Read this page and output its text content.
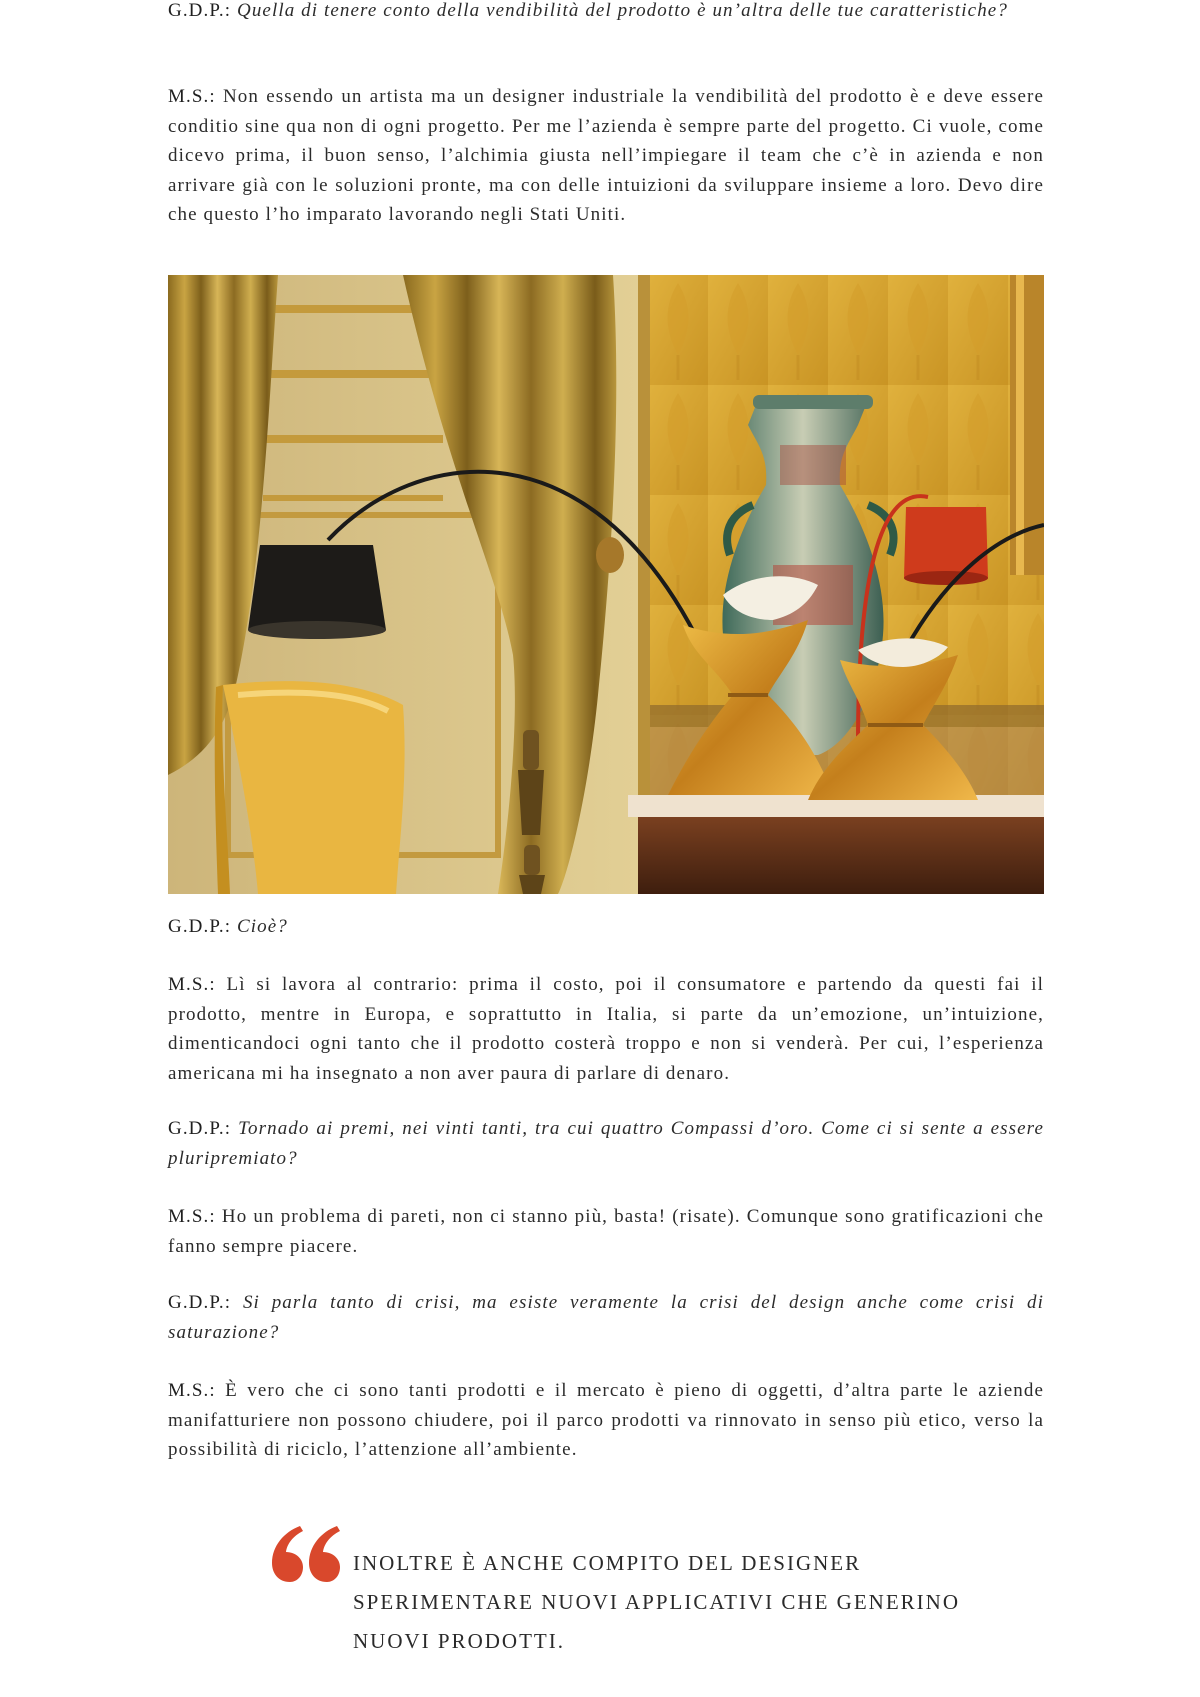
G.D.P.: Quella di tenere conto della vendibilità del prodotto è un’altra delle tue caratteristiche?

M.S.: Non essendo un artista ma un designer industriale la vendibilità del prodotto è e deve essere conditio sine qua non di ogni progetto. Per me l’azienda è sempre parte del progetto. Ci vuole, come dicevo prima, il buon senso, l’alchimia giusta nell’impiegare il team che c’è in azienda e non arrivare già con le soluzioni pronte, ma con delle intuizioni da sviluppare insieme a loro. Devo dire che questo l’ho imparato lavorando negli Stati Uniti.

G.D.P.: Cioè?

M.S.: Lì si lavora al contrario: prima il costo, poi il consumatore e partendo da questi fai il prodotto, mentre in Europa, e soprattutto in Italia, si parte da un’emozione, un’intuizione, dimenticandoci ogni tanto che il prodotto costerà troppo e non si venderà. Per cui, l’esperienza americana mi ha insegnato a non aver paura di parlare di denaro.

G.D.P.: Tornado ai premi, nei vinti tanti, tra cui quattro Compassi d’oro. Come ci si sente a essere pluripremiato?

M.S.: Ho un problema di pareti, non ci stanno più, basta! (risate). Comunque sono gratificazioni che fanno sempre piacere.

G.D.P.: Si parla tanto di crisi, ma esiste veramente la crisi del design anche come crisi di saturazione?

M.S.: È vero che ci sono tanti prodotti e il mercato è pieno di oggetti, d’altra parte le aziende manifatturiere non possono chiudere, poi il parco prodotti va rinnovato in senso più etico, verso la possibilità di riciclo, l’attenzione all’ambiente.

INOLTRE È ANCHE COMPITO DEL DESIGNER SPERIMENTARE NUOVI APPLICATIVI CHE GENERINO NUOVI PRODOTTI.
